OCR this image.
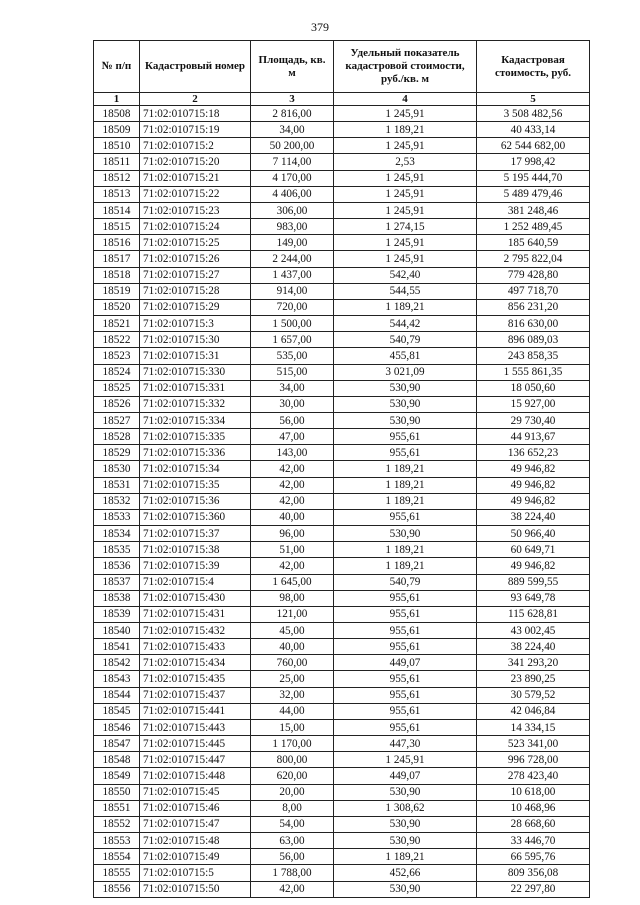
379
№ п/п	Кадастровый номер	Площадь, кв. м	Удельный показатель кадастровой стоимости, руб./кв. м	Кадастровая стоимость, руб.
1	2	3	4	5
18508	71:02:010715:18	2 816,00	1 245,91	3 508 482,56
18509	71:02:010715:19	34,00	1 189,21	40 433,14
18510	71:02:010715:2	50 200,00	1 245,91	62 544 682,00
18511	71:02:010715:20	7 114,00	2,53	17 998,42
18512	71:02:010715:21	4 170,00	1 245,91	5 195 444,70
18513	71:02:010715:22	4 406,00	1 245,91	5 489 479,46
18514	71:02:010715:23	306,00	1 245,91	381 248,46
18515	71:02:010715:24	983,00	1 274,15	1 252 489,45
18516	71:02:010715:25	149,00	1 245,91	185 640,59
18517	71:02:010715:26	2 244,00	1 245,91	2 795 822,04
18518	71:02:010715:27	1 437,00	542,40	779 428,80
18519	71:02:010715:28	914,00	544,55	497 718,70
18520	71:02:010715:29	720,00	1 189,21	856 231,20
18521	71:02:010715:3	1 500,00	544,42	816 630,00
18522	71:02:010715:30	1 657,00	540,79	896 089,03
18523	71:02:010715:31	535,00	455,81	243 858,35
18524	71:02:010715:330	515,00	3 021,09	1 555 861,35
18525	71:02:010715:331	34,00	530,90	18 050,60
18526	71:02:010715:332	30,00	530,90	15 927,00
18527	71:02:010715:334	56,00	530,90	29 730,40
18528	71:02:010715:335	47,00	955,61	44 913,67
18529	71:02:010715:336	143,00	955,61	136 652,23
18530	71:02:010715:34	42,00	1 189,21	49 946,82
18531	71:02:010715:35	42,00	1 189,21	49 946,82
18532	71:02:010715:36	42,00	1 189,21	49 946,82
18533	71:02:010715:360	40,00	955,61	38 224,40
18534	71:02:010715:37	96,00	530,90	50 966,40
18535	71:02:010715:38	51,00	1 189,21	60 649,71
18536	71:02:010715:39	42,00	1 189,21	49 946,82
18537	71:02:010715:4	1 645,00	540,79	889 599,55
18538	71:02:010715:430	98,00	955,61	93 649,78
18539	71:02:010715:431	121,00	955,61	115 628,81
18540	71:02:010715:432	45,00	955,61	43 002,45
18541	71:02:010715:433	40,00	955,61	38 224,40
18542	71:02:010715:434	760,00	449,07	341 293,20
18543	71:02:010715:435	25,00	955,61	23 890,25
18544	71:02:010715:437	32,00	955,61	30 579,52
18545	71:02:010715:441	44,00	955,61	42 046,84
18546	71:02:010715:443	15,00	955,61	14 334,15
18547	71:02:010715:445	1 170,00	447,30	523 341,00
18548	71:02:010715:447	800,00	1 245,91	996 728,00
18549	71:02:010715:448	620,00	449,07	278 423,40
18550	71:02:010715:45	20,00	530,90	10 618,00
18551	71:02:010715:46	8,00	1 308,62	10 468,96
18552	71:02:010715:47	54,00	530,90	28 668,60
18553	71:02:010715:48	63,00	530,90	33 446,70
18554	71:02:010715:49	56,00	1 189,21	66 595,76
18555	71:02:010715:5	1 788,00	452,66	809 356,08
18556	71:02:010715:50	42,00	530,90	22 297,80
